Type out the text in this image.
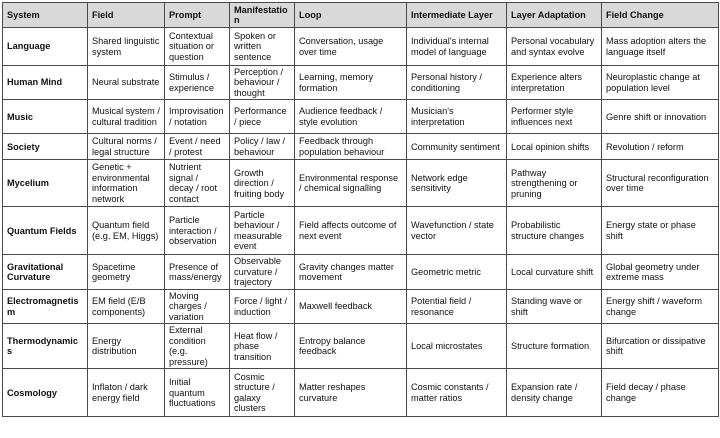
System	Field	Prompt	Manifestation	Loop	Intermediate Layer	Layer Adaptation	Field Change
Language	Shared linguistic system	Contextual situation or question	Spoken or written sentence	Conversation, usage over time	Individual's internal model of language	Personal vocabulary and syntax evolve	Mass adoption alters the language itself
Human Mind	Neural substrate	Stimulus / experience	Perception / behaviour / thought	Learning, memory formation	Personal history / conditioning	Experience alters interpretation	Neuroplastic change at population level
Music	Musical system / cultural tradition	Improvisation / notation	Performance / piece	Audience feedback / style evolution	Musician's interpretation	Performer style influences next	Genre shift or innovation
Society	Cultural norms / legal structure	Event / need / protest	Policy / law / behaviour	Feedback through population behaviour	Community sentiment	Local opinion shifts	Revolution / reform
Mycelium	Genetic + environmental information network	Nutrient signal / decay / root contact	Growth direction / fruiting body	Environmental response / chemical signalling	Network edge sensitivity	Pathway strengthening or pruning	Structural reconfiguration over time
Quantum Fields	Quantum field (e.g. EM, Higgs)	Particle interaction / observation	Particle behaviour / measurable event	Field affects outcome of next event	Wavefunction / state vector	Probabilistic structure changes	Energy state or phase shift
Gravitational Curvature	Spacetime geometry	Presence of mass/energy	Observable curvature / trajectory	Gravity changes matter movement	Geometric metric	Local curvature shift	Global geometry under extreme mass
Electromagnetism	EM field (E/B components)	Moving charges / variation	Force / light / induction	Maxwell feedback	Potential field / resonance	Standing wave or shift	Energy shift / waveform change
Thermodynamics	Energy distribution	External condition (e.g. pressure)	Heat flow / phase transition	Entropy balance feedback	Local microstates	Structure formation	Bifurcation or dissipative shift
Cosmology	Inflaton / dark energy field	Initial quantum fluctuations	Cosmic structure / galaxy clusters	Matter reshapes curvature	Cosmic constants / matter ratios	Expansion rate / density change	Field decay / phase change
